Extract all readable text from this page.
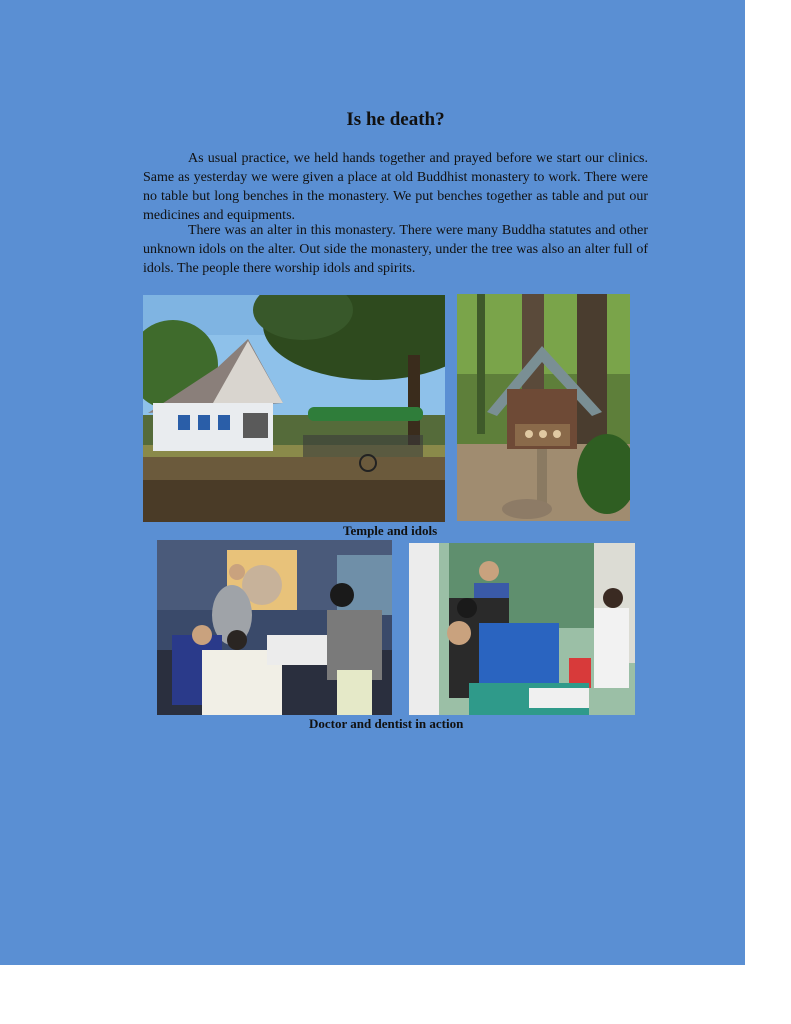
Is he death?

As usual practice, we held hands together and prayed before we start our clinics. Same as yesterday we were given a place at old Buddhist monastery to work. There were no table but long benches in the monastery. We put benches together as table and put our medicines and equipments.

There was an alter in this monastery. There were many Buddha statutes and other unknown idols on the alter. Out side the monastery, under the tree was also an alter full of idols. The people there worship idols and spirits.

Temple and idols
Doctor and dentist in action
